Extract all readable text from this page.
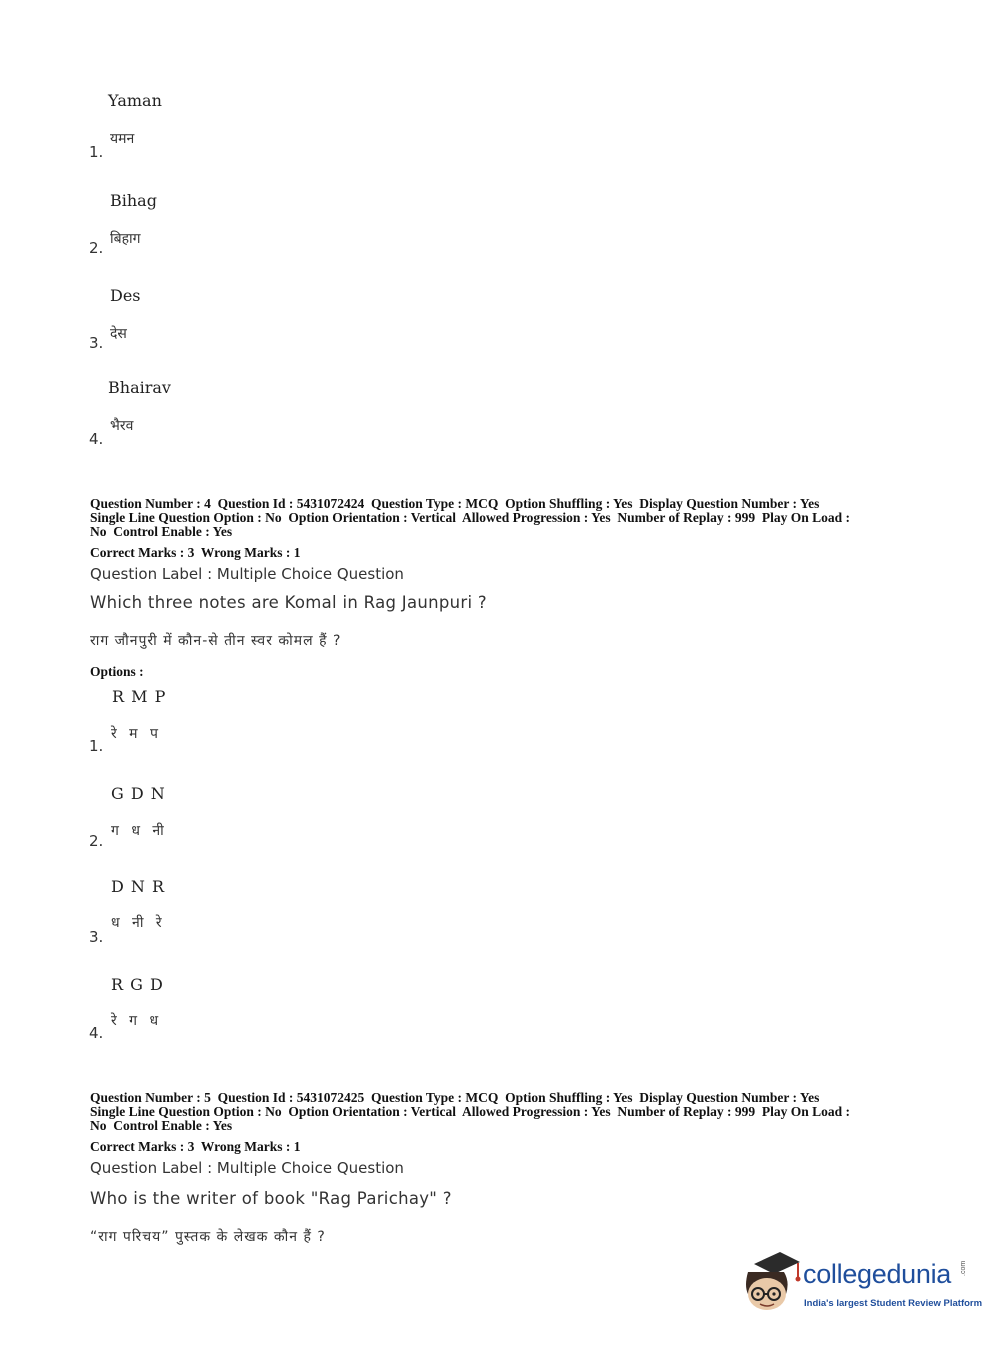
Yaman
यमन
1.
Bihag
बिहाग
2.
Des
देस
3.
Bhairav
भैरव
4.
Question Number : 4  Question Id : 5431072424  Question Type : MCQ  Option Shuffling : Yes  Display Question Number : Yes
Single Line Question Option : No  Option Orientation : Vertical  Allowed Progression : Yes  Number of Replay : 999  Play On Load :
No  Control Enable : Yes
Correct Marks : 3  Wrong Marks : 1
Question Label : Multiple Choice Question
Which three notes are Komal in Rag Jaunpuri ?
राग जौनपुरी में कौन-से तीन स्वर कोमल हैं ?
Options :
R M P
रे म प
1.
G D N
ग ध नी
2.
D N R
ध नी रे
3.
R G D
रे ग ध
4.
Question Number : 5  Question Id : 5431072425  Question Type : MCQ  Option Shuffling : Yes  Display Question Number : Yes
Single Line Question Option : No  Option Orientation : Vertical  Allowed Progression : Yes  Number of Replay : 999  Play On Load :
No  Control Enable : Yes
Correct Marks : 3  Wrong Marks : 1
Question Label : Multiple Choice Question
Who is the writer of book "Rag Parichay" ?
“राग परिचय” पुस्तक के लेखक कौन हैं ?
collegedunia .com
India's largest Student Review Platform
